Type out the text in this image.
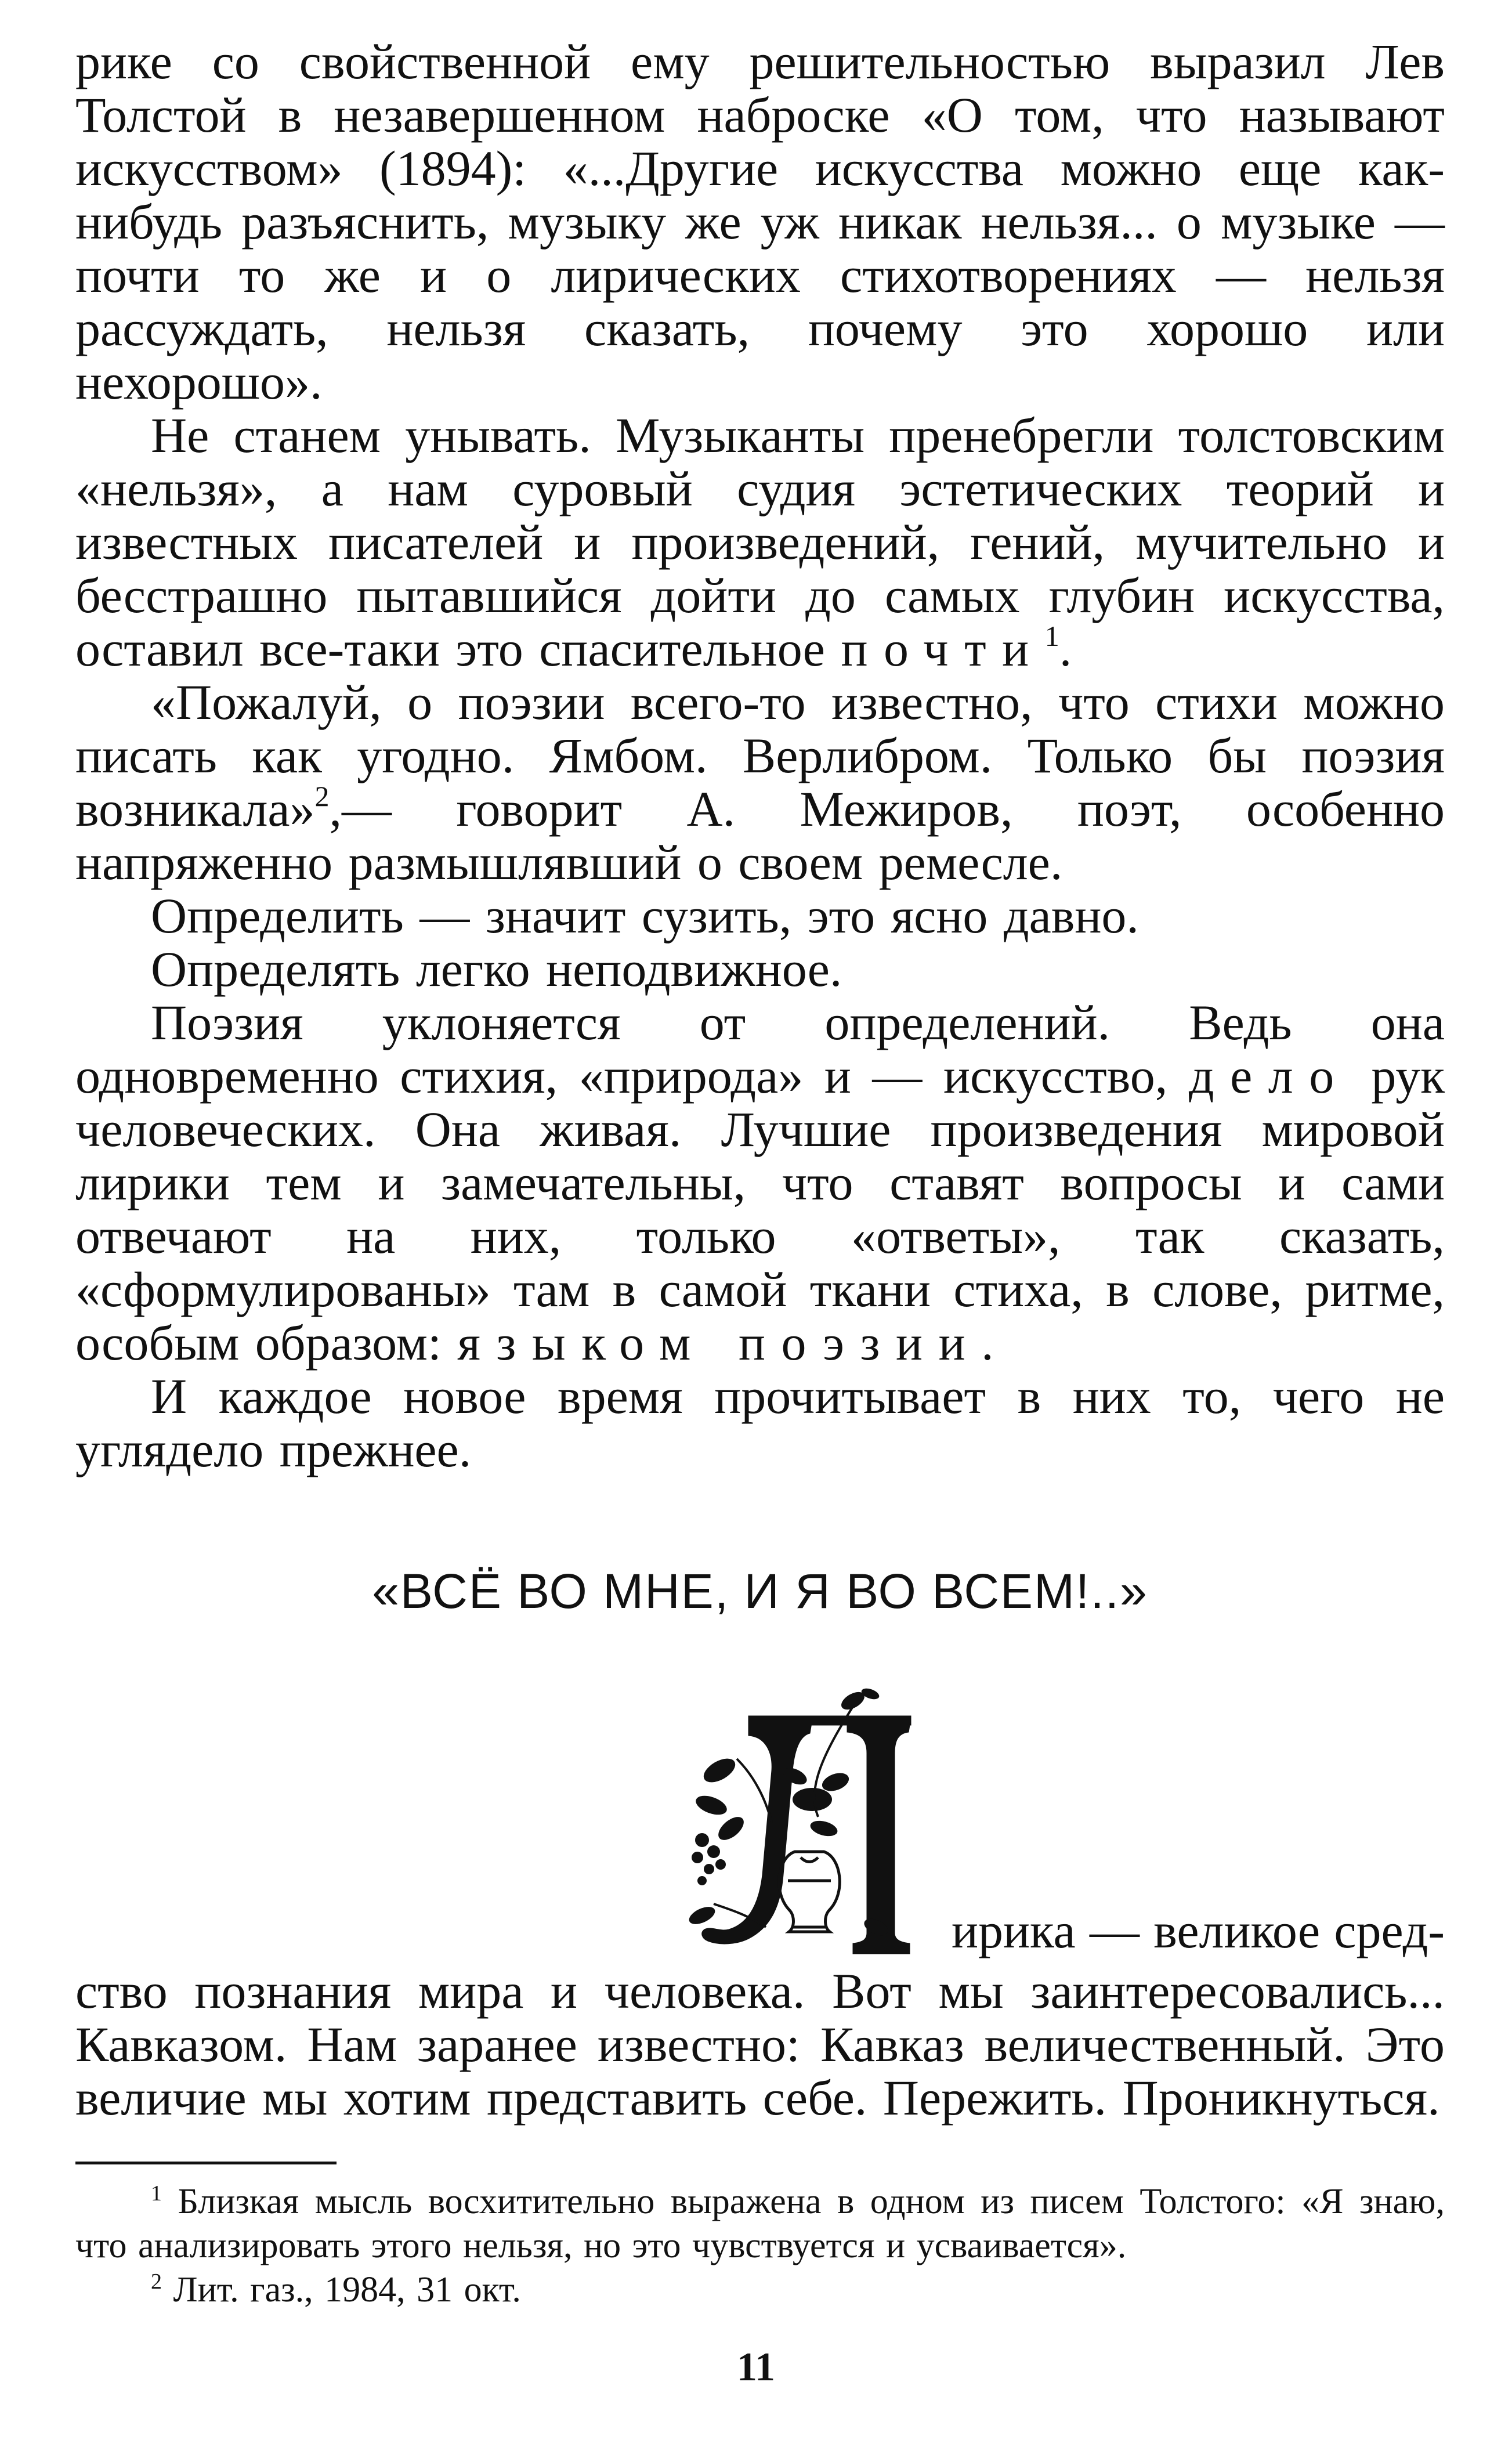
рике со свойственной ему решительностью выразил Лев Толстой в незавершенном наброске «О том, что называют искусством» (1894): «...Другие искусства можно еще как-нибудь разъяснить, музыку же уж никак нельзя... о музыке — почти то же и о лирических стихотворениях — нельзя рассуждать, нельзя сказать, почему это хорошо или нехорошо».

Не станем унывать. Музыканты пренебрегли толстовским «нельзя», а нам суровый судия эстетических теорий и известных писателей и произведений, гений, мучительно и бесстрашно пытавшийся дойти до самых глубин искусства, оставил все-таки это спасительное почти$^1$.

«Пожалуй, о поэзии всего-то известно, что стихи можно писать как угодно. Ямбом. Верлибром. Только бы поэзия возникала»$^2$,— говорит А. Межиров, поэт, особенно напряженно размышлявший о своем ремесле.

Определить — значит сузить, это ясно давно.

Определять легко неподвижное.

Поэзия уклоняется от определений. Ведь она одновременно стихия, «природа» и — искусство, дело рук человеческих. Она живая. Лучшие произведения мировой лирики тем и замечательны, что ставят вопросы и сами отвечают на них, только «ответы», так сказать, «сформулированы» там в самой ткани стиха, в слове, ритме, особым образом: языком поэзии.

И каждое новое время прочитывает в них то, чего не углядело прежнее.

«ВСЁ ВО МНЕ, И Я ВО ВСЕМ!..»
ирика — великое сред-

ство познания мира и человека. Вот мы заинтересовались... Кавказом. Нам заранее известно: Кавказ величественный. Это величие мы хотим представить себе. Пережить. Проникнуться.

$^1$ Близкая мысль восхитительно выражена в одном из писем Толстого: «Я знаю, что анализировать этого нельзя, но это чувствуется и усваивается».

$^2$ Лит. газ., 1984, 31 окт.

11
